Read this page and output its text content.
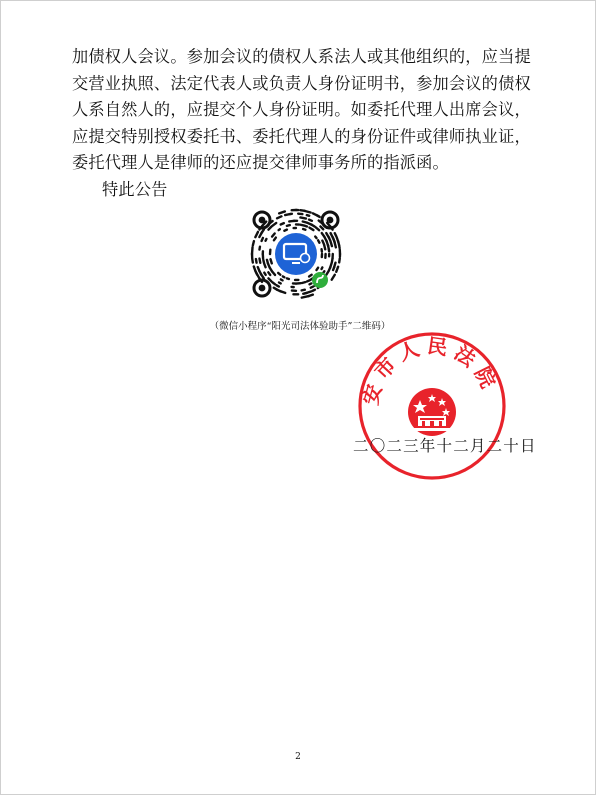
加债权人会议。参加会议的债权人系法人或其他组织的，应当提
交营业执照、法定代表人或负责人身份证明书，参加会议的债权
人系自然人的，应提交个人身份证明。如委托代理人出席会议，
应提交特别授权委托书、委托代理人的身份证件或律师执业证，
委托代理人是律师的还应提交律师事务所的指派函。
特此公告
（微信小程序“阳光司法体验助手”二维码）
安市人民法院
二〇二三年十二月二十日
2
